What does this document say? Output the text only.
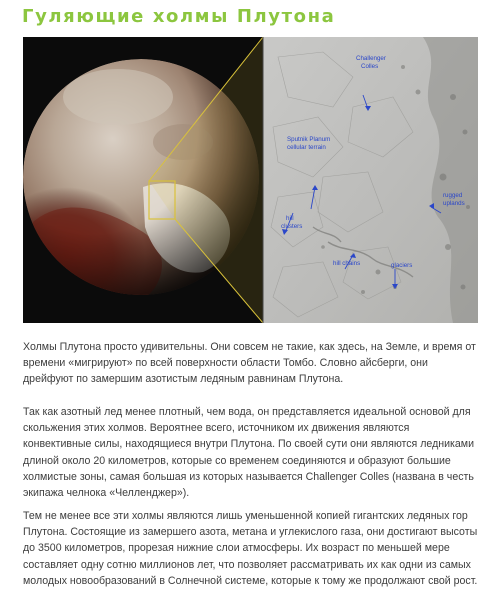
Гуляющие холмы Плутона
Challenger
Colles
Sputnik Planum
cellular terrain
rugged
uplands
hill
clusters
hill chains	glaciers

Холмы Плутона просто удивительны. Они совсем не такие, как здесь, на Земле, и время от времени «мигрируют» по всей поверхности области Томбо. Словно айсберги, они дрейфуют по замершим азотистым ледяным равнинам Плутона.

Так как азотный лед менее плотный, чем вода, он представляется идеальной основой для скольжения этих холмов. Вероятнее всего, источником их движения являются конвективные силы, находящиеся внутри Плутона. По своей сути они являются ледниками длиной около 20 километров, которые со временем соединяются и образуют большие холмистые зоны, самая большая из которых называется Challenger Colles (названа в честь экипажа челнока «Челленджер»).

Тем не менее все эти холмы являются лишь уменьшенной копией гигантских ледяных гор Плутона. Состоящие из замершего азота, метана и углекислого газа, они достигают высоты до 3500 километров, прорезая нижние слои атмосферы. Их возраст по меньшей мере составляет одну сотню миллионов лет, что позволяет рассматривать их как одни из самых молодых новообразований в Солнечной системе, которые к тому же продолжают свой рост.
